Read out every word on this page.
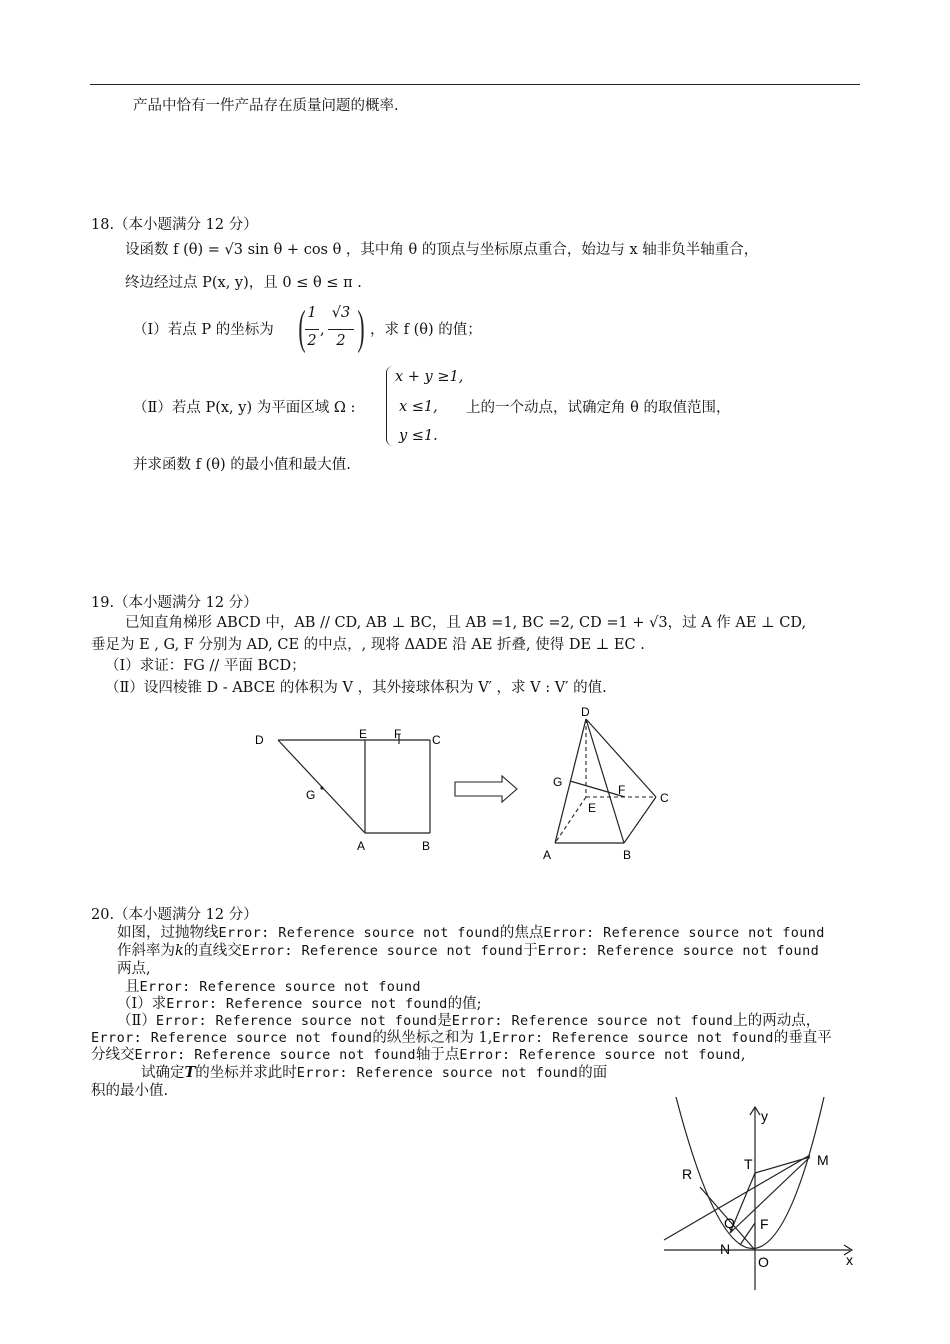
产品中恰有一件产品存在质量问题的概率.
18.（本小题满分 12 分）
设函数 f (θ) = √3 sin θ + cos θ ，其中角 θ 的顶点与坐标原点重合，始边与 x 轴非负半轴重合，
终边经过点 P(x, y)，且 0 ≤ θ ≤ π .
（Ⅰ）若点 P 的坐标为 ( 1
2
,
√3
2 ) ，求 f (θ) 的值；
（Ⅱ）若点 P(x, y) 为平面区域 Ω :
x + y ≥1,
x ≤1,
y ≤1.
上的一个动点，试确定角 θ 的取值范围，
并求函数 f (θ) 的最小值和最大值.
19.（本小题满分 12 分）
已知直角梯形 ABCD 中，AB // CD, AB ⊥ BC，且 AB =1, BC =2, CD =1 + √3，过 A 作 AE ⊥ CD,
垂足为 E , G, F 分别为 AD, CE 的中点，, 现将 ΔADE 沿 AE 折叠, 使得 DE ⊥ EC .
（Ⅰ）求证：FG // 平面 BCD；
（Ⅱ）设四棱锥 D - ABCE 的体积为 V ，其外接球体积为 V′ ，求 V : V′ 的值.
D	E F	C
G
A	B
D
G
F
E
C
A	B
20.（本小题满分 12 分）
如图，过抛物线Error: Reference source not found的焦点Error: Reference source not found
作斜率为k的直线交Error: Reference source not found于Error: Reference source not found
两点,
且Error: Reference source not found
（Ⅰ）求Error: Reference source not found的值;
（Ⅱ）Error: Reference source not found是Error: Reference source not found上的两动点，
Error: Reference source not found的纵坐标之和为 1,Error: Reference source not found的垂直平
分线交Error: Reference source not found轴于点Error: Reference source not found,
试确定T的坐标并求此时Error: Reference source not found的面
积的最小值.
y
x
O
R
M
T
Q F
N
